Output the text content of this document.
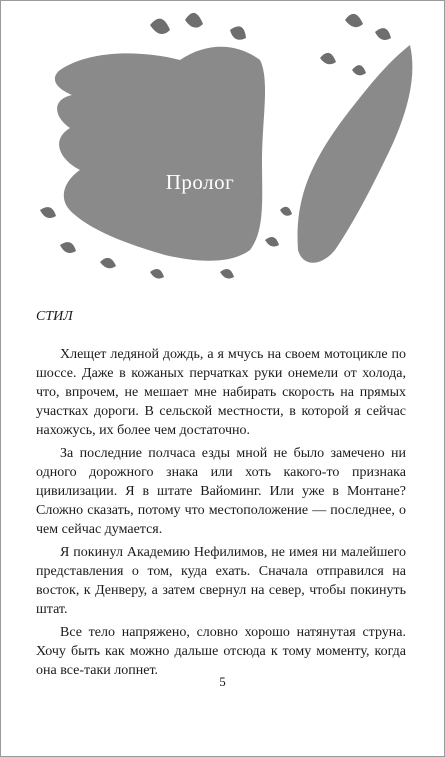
Пролог
СТИЛ

Хлещет ледяной дождь, а я мчусь на своем мотоцикле по шоссе. Даже в кожаных перчатках руки онемели от холода, что, впрочем, не мешает мне набирать скорость на прямых участках дороги. В сельской местности, в которой я сейчас нахожусь, их более чем достаточно.

За последние полчаса езды мной не было замечено ни одного дорожного знака или хоть какого-то признака цивилизации. Я в штате Вайоминг. Или уже в Монтане? Сложно сказать, потому что местоположение — последнее, о чем сейчас думается.

Я покинул Академию Нефилимов, не имея ни малейшего представления о том, куда ехать. Сначала отправился на восток, к Денверу, а затем свернул на север, чтобы покинуть штат.

Все тело напряжено, словно хорошо натянутая струна. Хочу быть как можно дальше отсюда к тому моменту, когда она все-таки лопнет.

5
